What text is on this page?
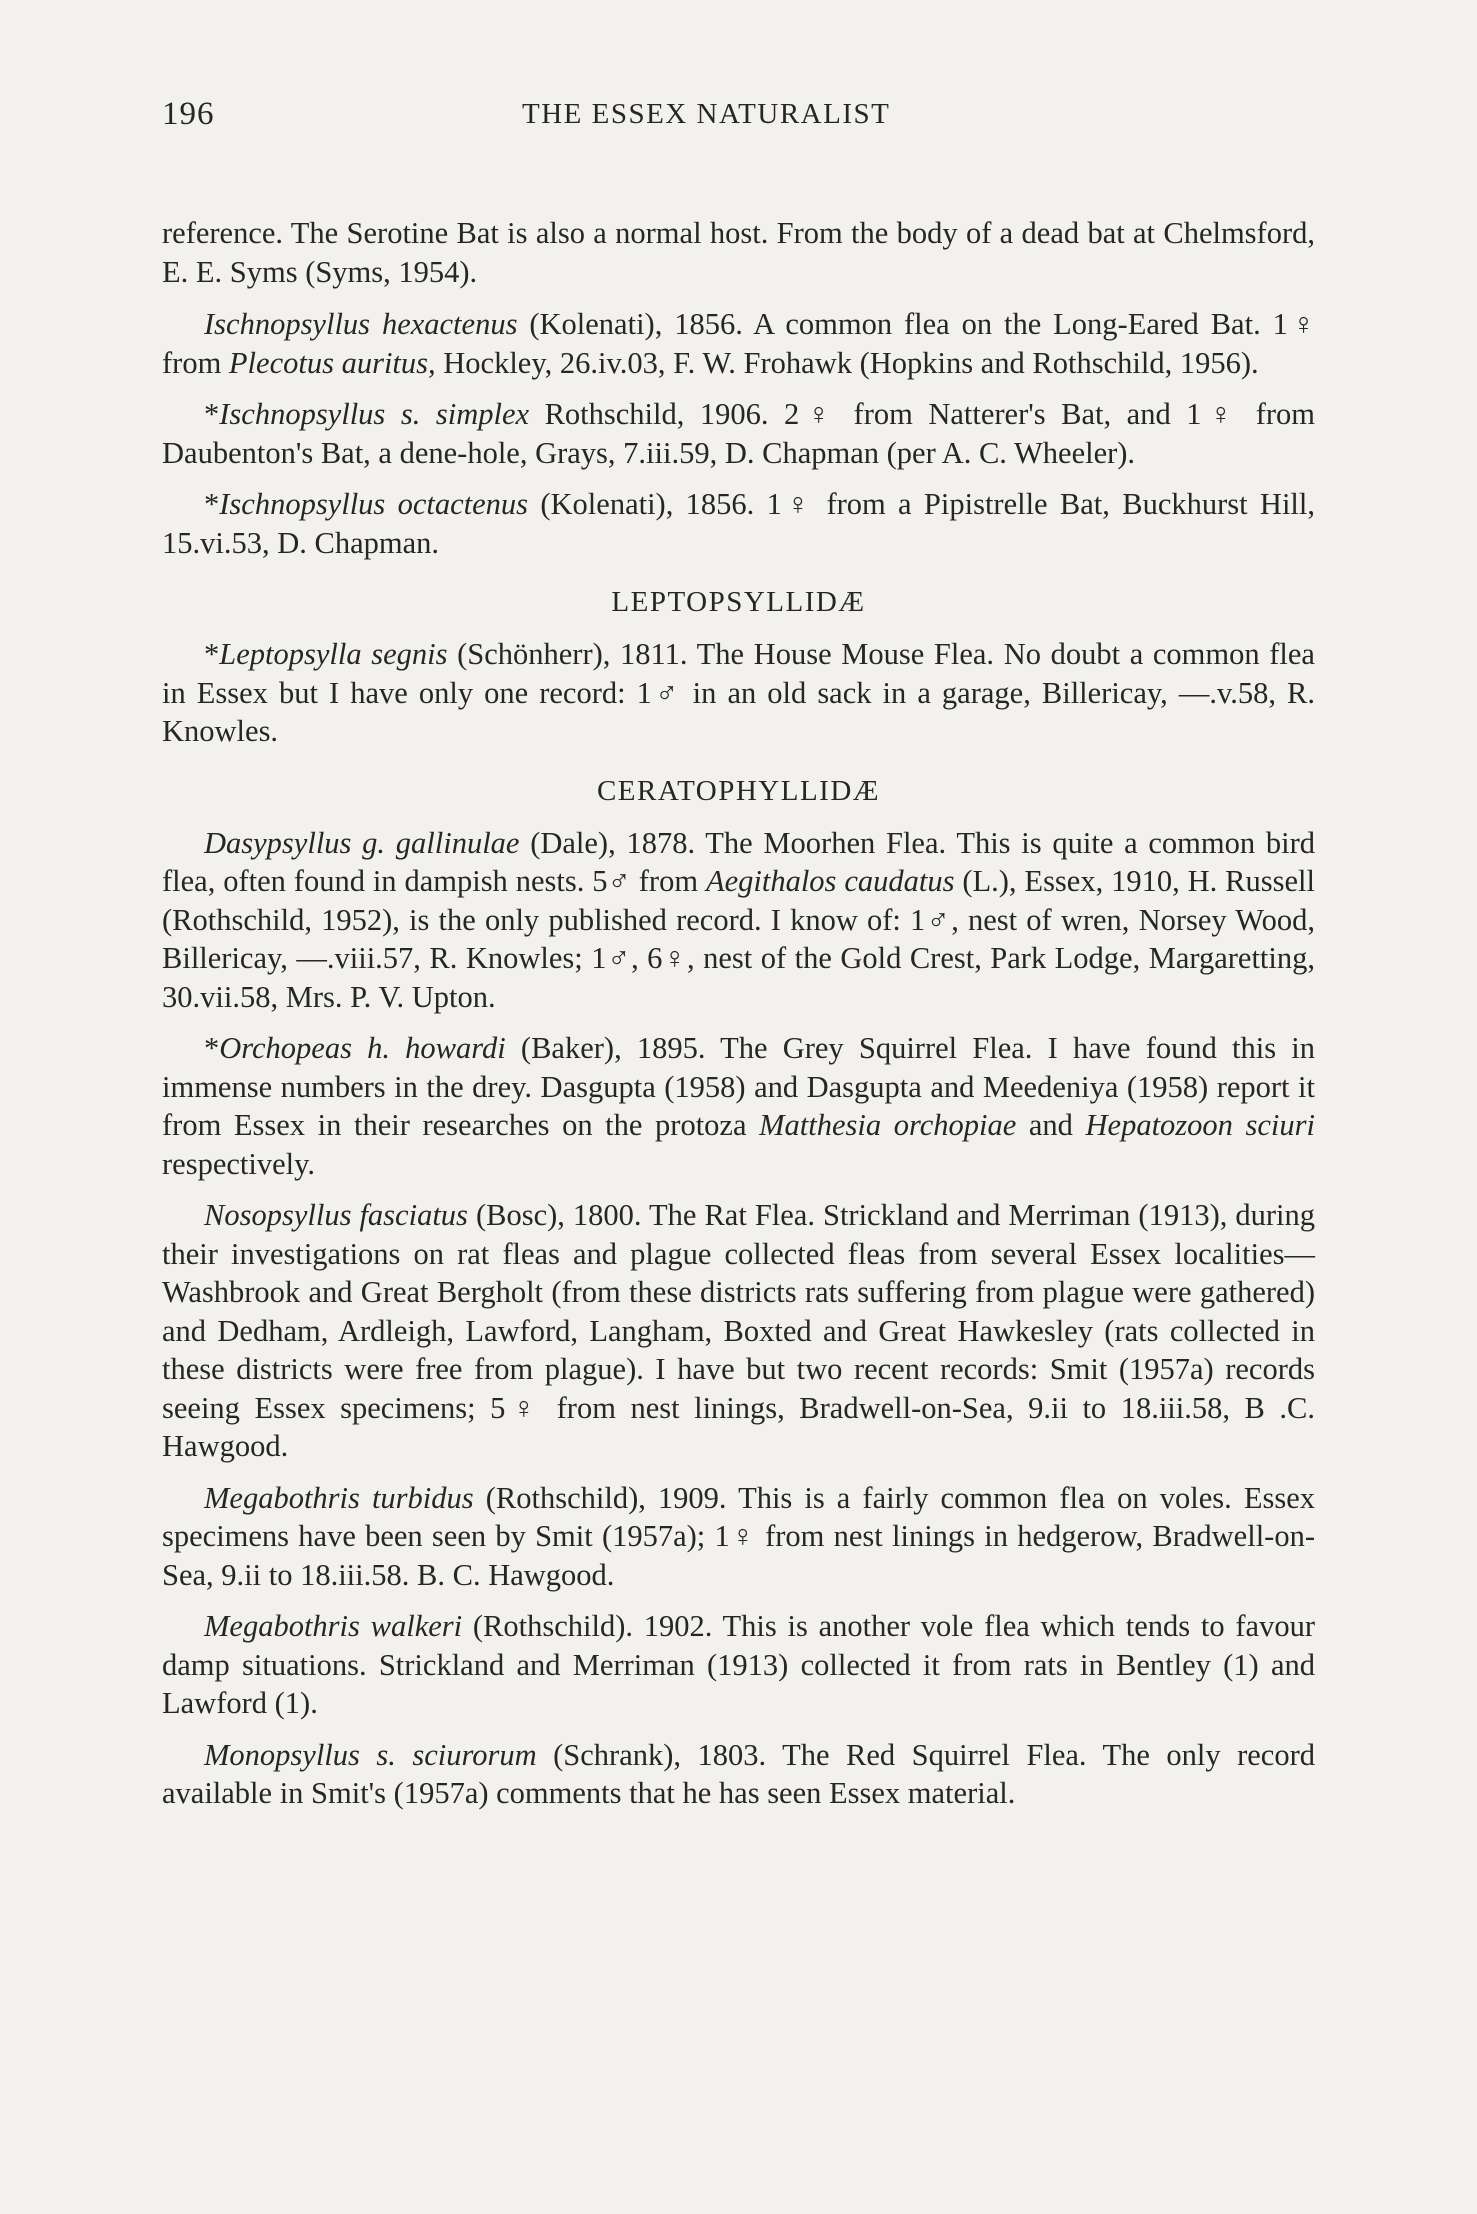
196	THE ESSEX NATURALIST

reference. The Serotine Bat is also a normal host. From the body of a dead bat at Chelmsford, E. E. Syms (Syms, 1954).

Ischnopsyllus hexactenus (Kolenati), 1856. A common flea on the Long-Eared Bat. 1♀ from Plecotus auritus, Hockley, 26.iv.03, F. W. Frohawk (Hopkins and Rothschild, 1956).

*Ischnopsyllus s. simplex Rothschild, 1906. 2♀ from Natterer's Bat, and 1♀ from Daubenton's Bat, a dene-hole, Grays, 7.iii.59, D. Chapman (per A. C. Wheeler).

*Ischnopsyllus octactenus (Kolenati), 1856. 1♀ from a Pipistrelle Bat, Buckhurst Hill, 15.vi.53, D. Chapman.

LEPTOPSYLLIDÆ

*Leptopsylla segnis (Schönherr), 1811. The House Mouse Flea. No doubt a common flea in Essex but I have only one record: 1♂ in an old sack in a garage, Billericay, —.v.58, R. Knowles.

CERATOPHYLLIDÆ

Dasypsyllus g. gallinulae (Dale), 1878. The Moorhen Flea. This is quite a common bird flea, often found in dampish nests. 5♂ from Aegithalos caudatus (L.), Essex, 1910, H. Russell (Rothschild, 1952), is the only published record. I know of: 1♂, nest of wren, Norsey Wood, Billericay, —.viii.57, R. Knowles; 1♂, 6♀, nest of the Gold Crest, Park Lodge, Margaretting, 30.vii.58, Mrs. P. V. Upton.

*Orchopeas h. howardi (Baker), 1895. The Grey Squirrel Flea. I have found this in immense numbers in the drey. Dasgupta (1958) and Dasgupta and Meedeniya (1958) report it from Essex in their researches on the protoza Matthesia orchopiae and Hepatozoon sciuri respectively.

Nosopsyllus fasciatus (Bosc), 1800. The Rat Flea. Strickland and Merriman (1913), during their investigations on rat fleas and plague collected fleas from several Essex localities—Washbrook and Great Bergholt (from these districts rats suffering from plague were gathered) and Dedham, Ardleigh, Lawford, Langham, Boxted and Great Hawkesley (rats collected in these districts were free from plague). I have but two recent records: Smit (1957a) records seeing Essex specimens; 5♀ from nest linings, Bradwell-on-Sea, 9.ii to 18.iii.58, B .C. Hawgood.

Megabothris turbidus (Rothschild), 1909. This is a fairly common flea on voles. Essex specimens have been seen by Smit (1957a); 1♀ from nest linings in hedgerow, Bradwell-on-Sea, 9.ii to 18.iii.58. B. C. Hawgood.

Megabothris walkeri (Rothschild). 1902. This is another vole flea which tends to favour damp situations. Strickland and Merriman (1913) collected it from rats in Bentley (1) and Lawford (1).

Monopsyllus s. sciurorum (Schrank), 1803. The Red Squirrel Flea. The only record available in Smit's (1957a) comments that he has seen Essex material.
